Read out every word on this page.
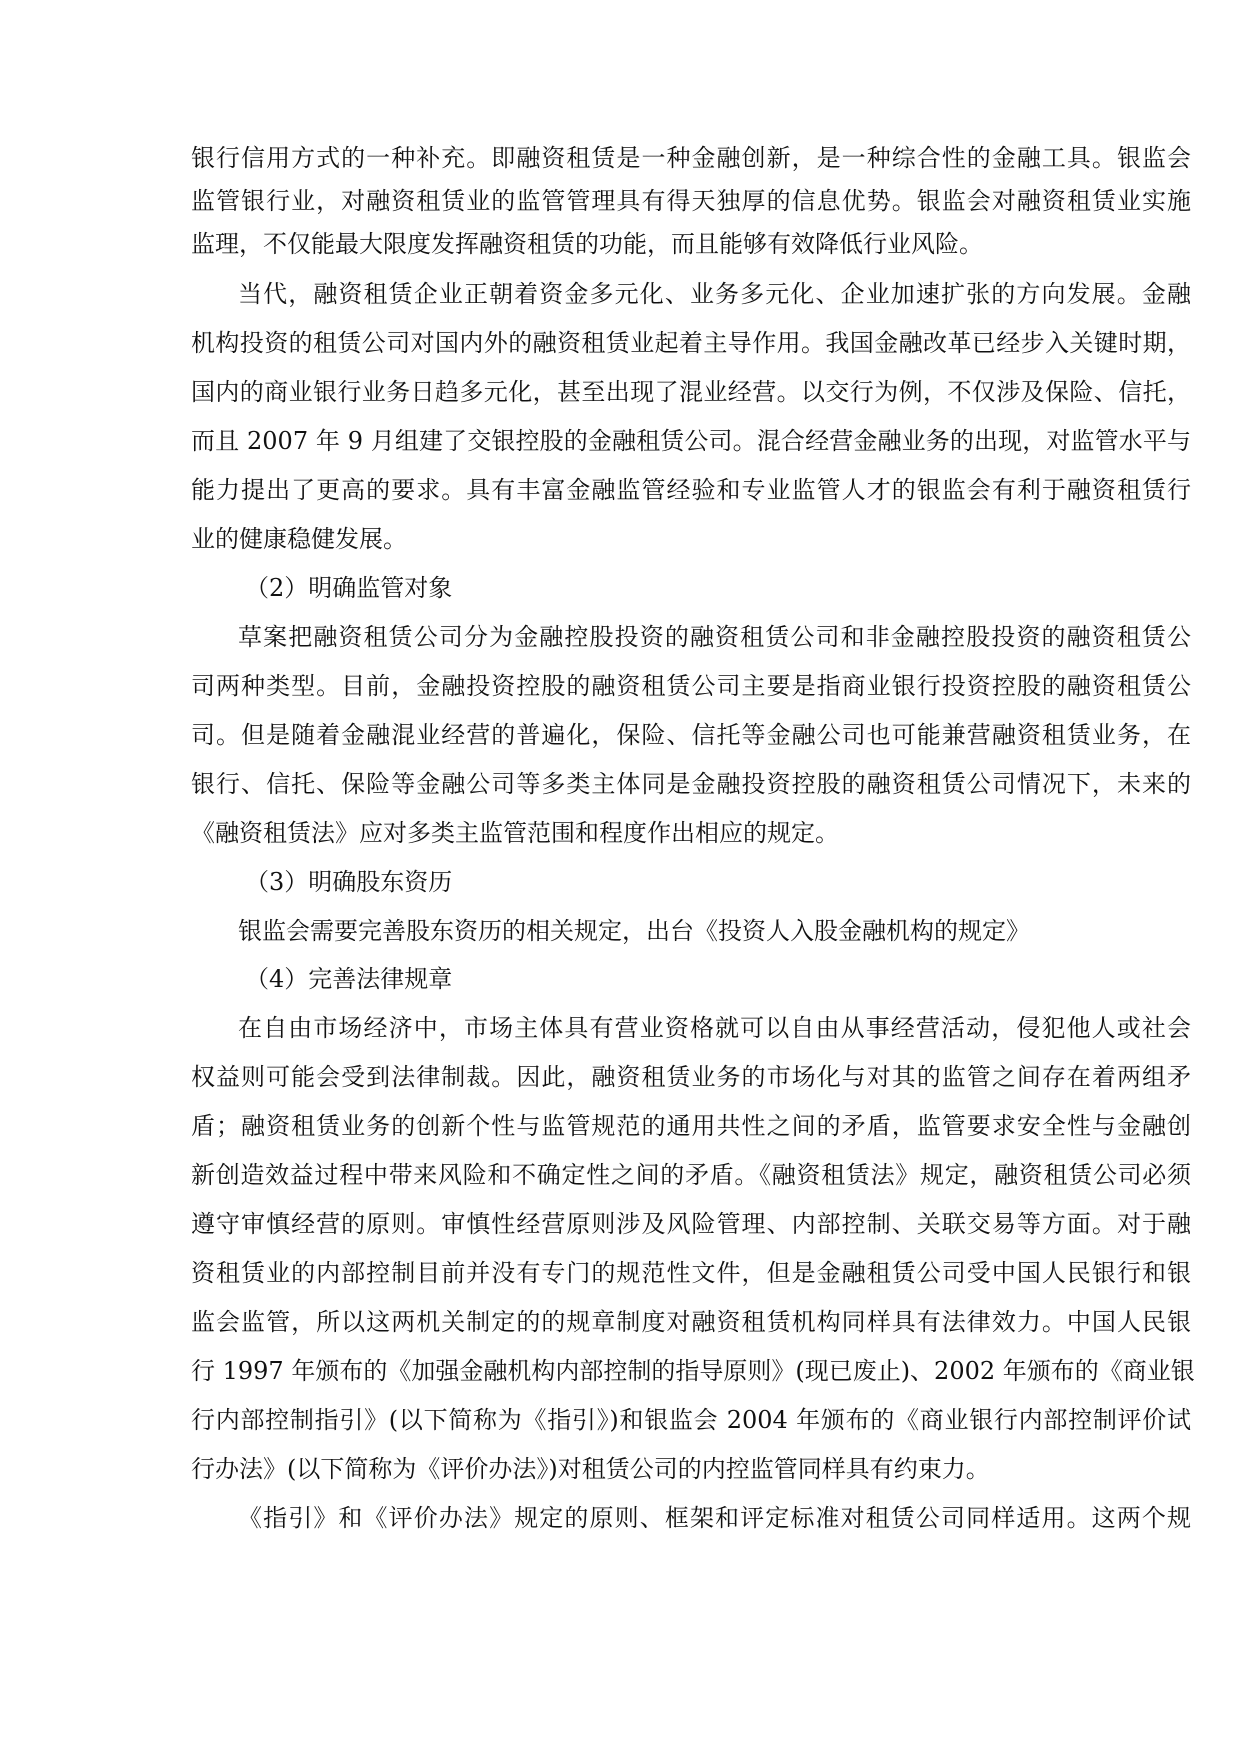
银行信用方式的一种补充。即融资租赁是一种金融创新，是一种综合性的金融工具。银监会
监管银行业，对融资租赁业的监管管理具有得天独厚的信息优势。银监会对融资租赁业实施
监理，不仅能最大限度发挥融资租赁的功能，而且能够有效降低行业风险。
当代，融资租赁企业正朝着资金多元化、业务多元化、企业加速扩张的方向发展。金融
机构投资的租赁公司对国内外的融资租赁业起着主导作用。我国金融改革已经步入关键时期，
国内的商业银行业务日趋多元化，甚至出现了混业经营。以交行为例，不仅涉及保险、信托，
而且 2007 年 9 月组建了交银控股的金融租赁公司。混合经营金融业务的出现，对监管水平与
能力提出了更高的要求。具有丰富金融监管经验和专业监管人才的银监会有利于融资租赁行
业的健康稳健发展。
（2）明确监管对象
草案把融资租赁公司分为金融控股投资的融资租赁公司和非金融控股投资的融资租赁公
司两种类型。目前，金融投资控股的融资租赁公司主要是指商业银行投资控股的融资租赁公
司。但是随着金融混业经营的普遍化，保险、信托等金融公司也可能兼营融资租赁业务，在
银行、信托、保险等金融公司等多类主体同是金融投资控股的融资租赁公司情况下，未来的
《融资租赁法》应对多类主监管范围和程度作出相应的规定。
（3）明确股东资历
银监会需要完善股东资历的相关规定，出台《投资人入股金融机构的规定》
（4）完善法律规章
在自由市场经济中，市场主体具有营业资格就可以自由从事经营活动，侵犯他人或社会
权益则可能会受到法律制裁。因此，融资租赁业务的市场化与对其的监管之间存在着两组矛
盾；融资租赁业务的创新个性与监管规范的通用共性之间的矛盾，监管要求安全性与金融创
新创造效益过程中带来风险和不确定性之间的矛盾。《融资租赁法》规定，融资租赁公司必须
遵守审慎经营的原则。审慎性经营原则涉及风险管理、内部控制、关联交易等方面。对于融
资租赁业的内部控制目前并没有专门的规范性文件，但是金融租赁公司受中国人民银行和银
监会监管，所以这两机关制定的的规章制度对融资租赁机构同样具有法律效力。中国人民银
行 1997 年颁布的《加强金融机构内部控制的指导原则》(现已废止)、2002 年颁布的《商业银
行内部控制指引》(以下简称为《指引》)和银监会 2004 年颁布的《商业银行内部控制评价试
行办法》(以下简称为《评价办法》)对租赁公司的内控监管同样具有约束力。
《指引》和《评价办法》规定的原则、框架和评定标准对租赁公司同样适用。这两个规
